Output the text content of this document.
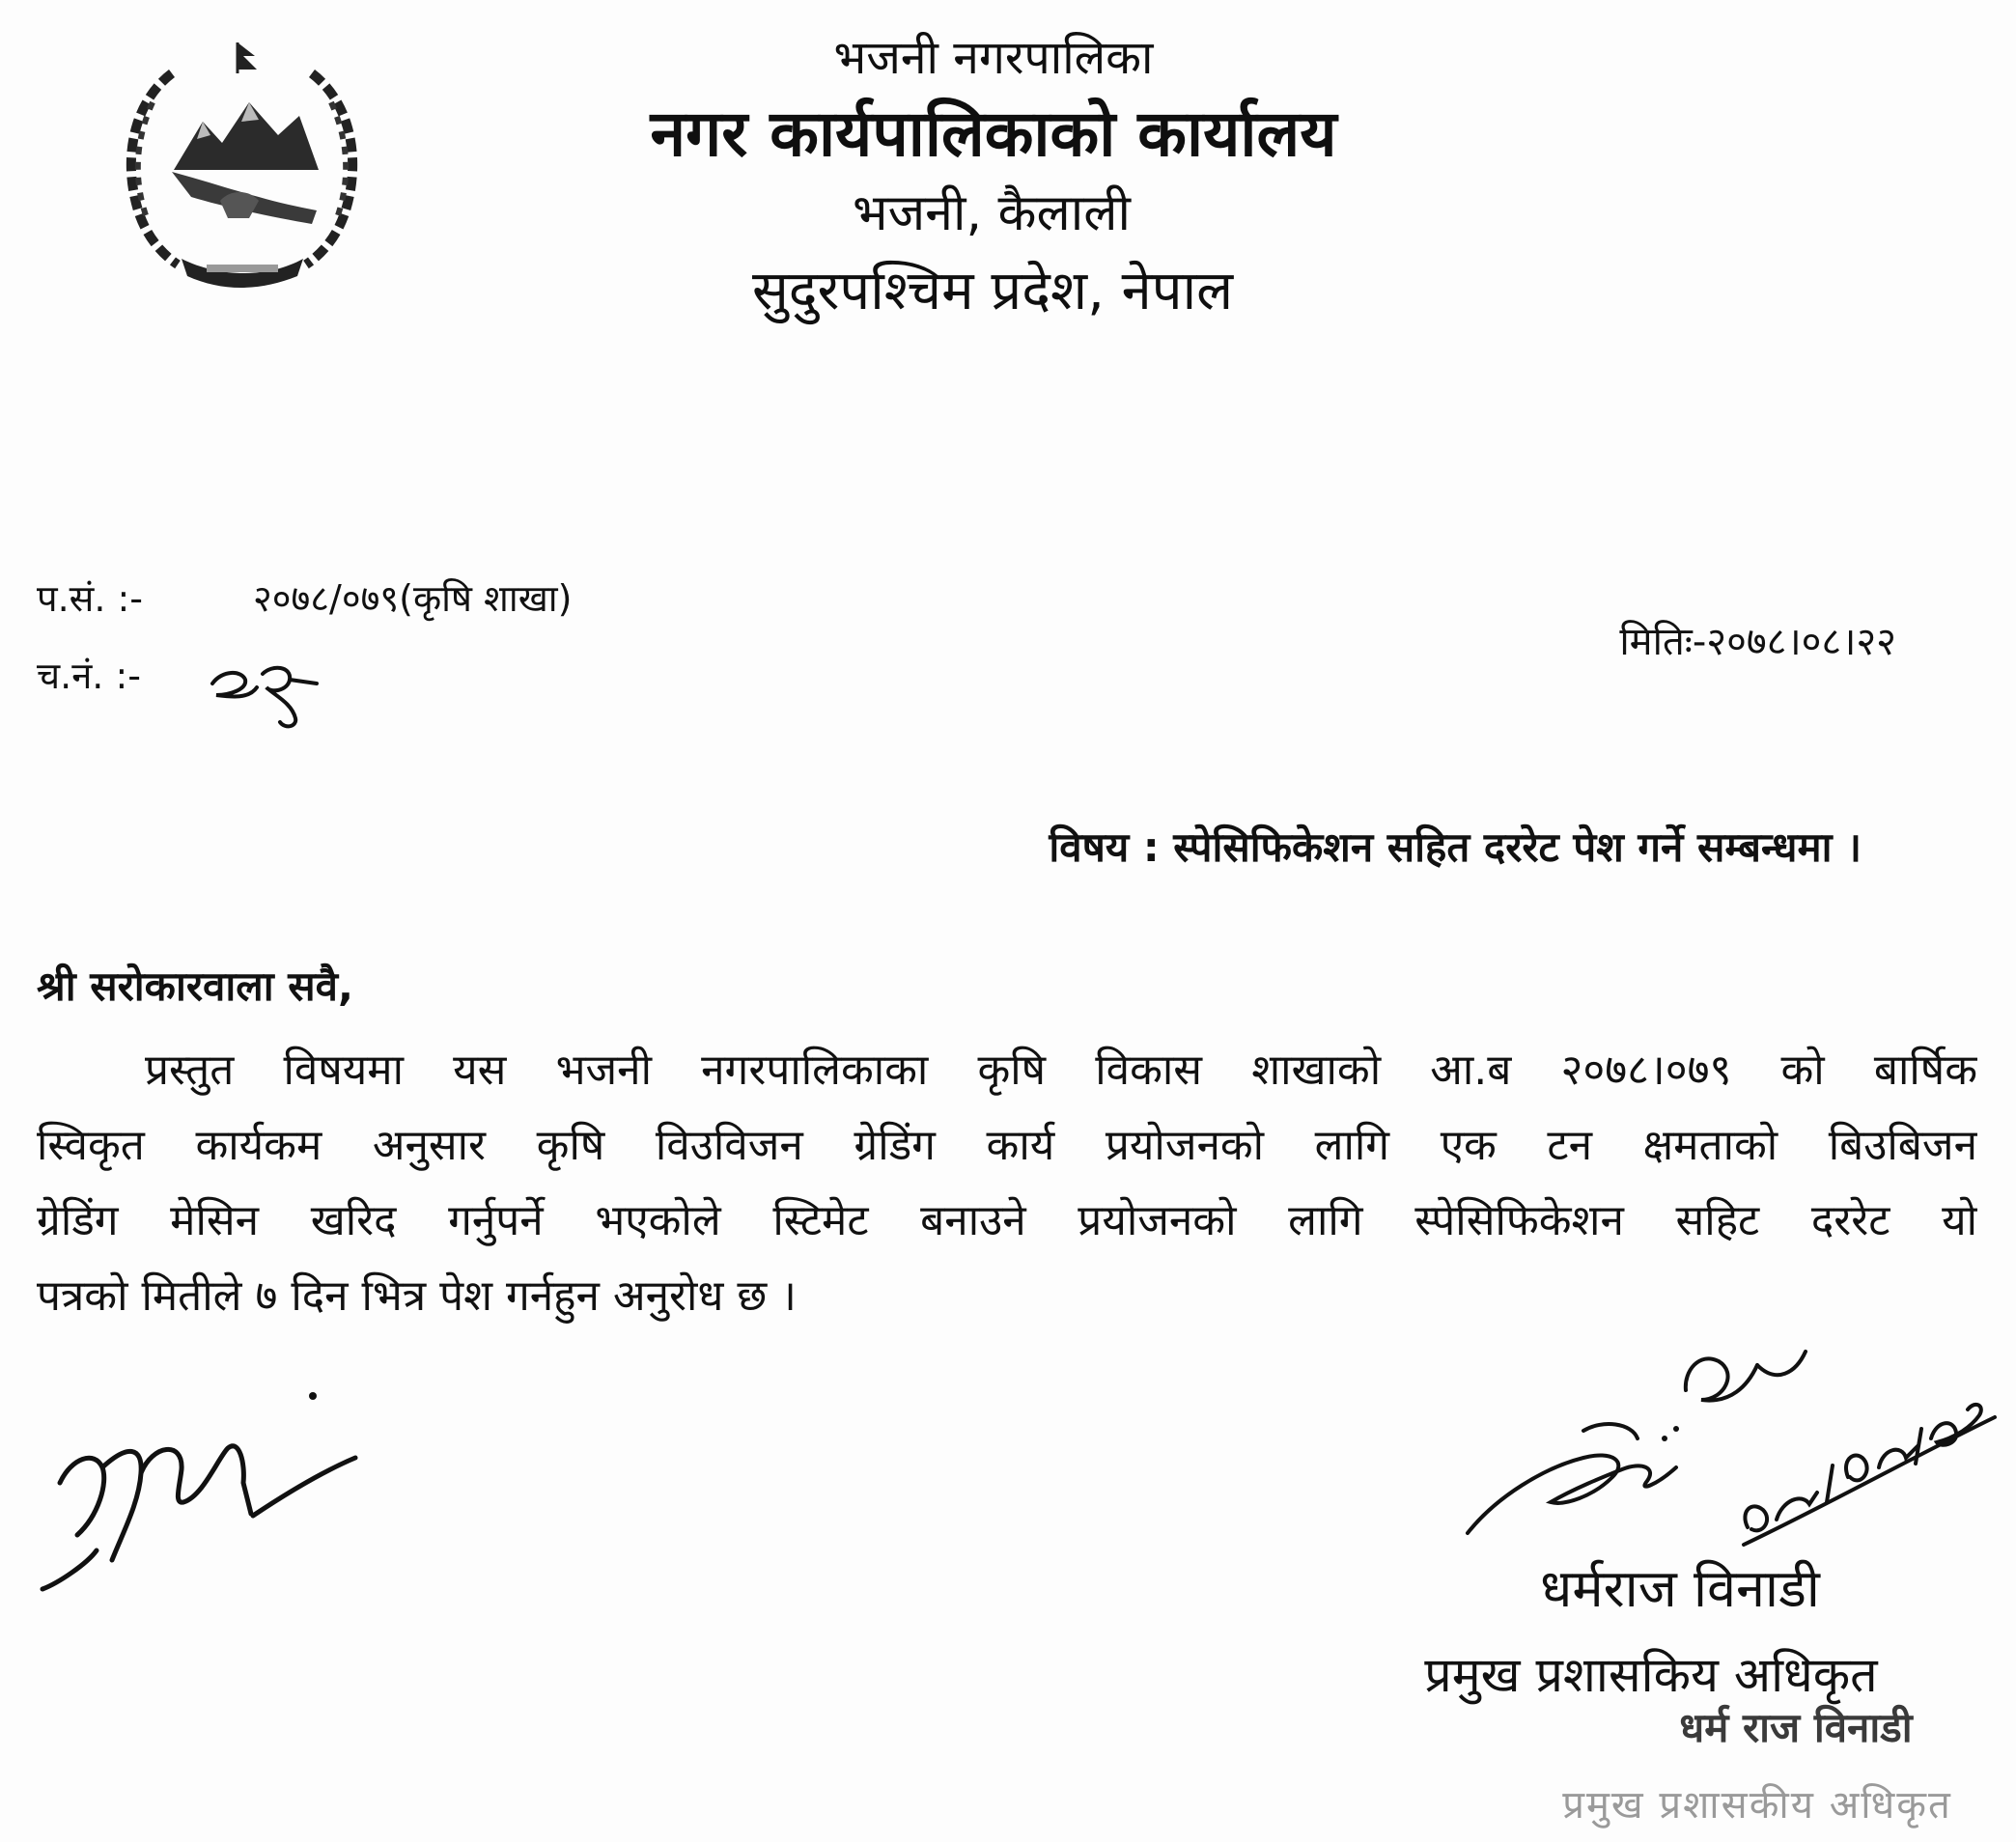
भजनी नगरपालिका
नगर कार्यपालिकाको कार्यालय
भजनी, कैलाली
सुदुरपश्चिम प्रदेश, नेपाल
प.सं. :-	२०७८/०७९(कृषि शाखा)
च.नं. :-
मितिः-२०७८।०८।२२
विषय : स्पेसिफिकेशन सहित दररेट पेश गर्ने सम्बन्धमा ।
श्री सरोकारवाला सवै,
प्रस्तुत विषयमा यस भजनी नगरपालिकाका कृषि विकास शाखाको आ.ब २०७८।०७९ को बार्षिक
स्विकृत कार्यकम अनुसार कृषि विउविजन ग्रेडिंग कार्य प्रयोजनको लागि एक टन क्षमताको बिउबिजन
ग्रेडिंग मेसिन खरिद गर्नुपर्ने भएकोले स्टिमेट बनाउने प्रयोजनको लागि स्पेसिफिकेशन सहिट दररेट यो
पत्रको मितीले ७ दिन भित्र पेश गर्नहुन अनुरोध छ ।
धर्मराज विनाडी
प्रमुख प्रशासकिय अधिकृत
धर्म राज विनाडी
प्रमुख प्रशासकीय अधिकृत
